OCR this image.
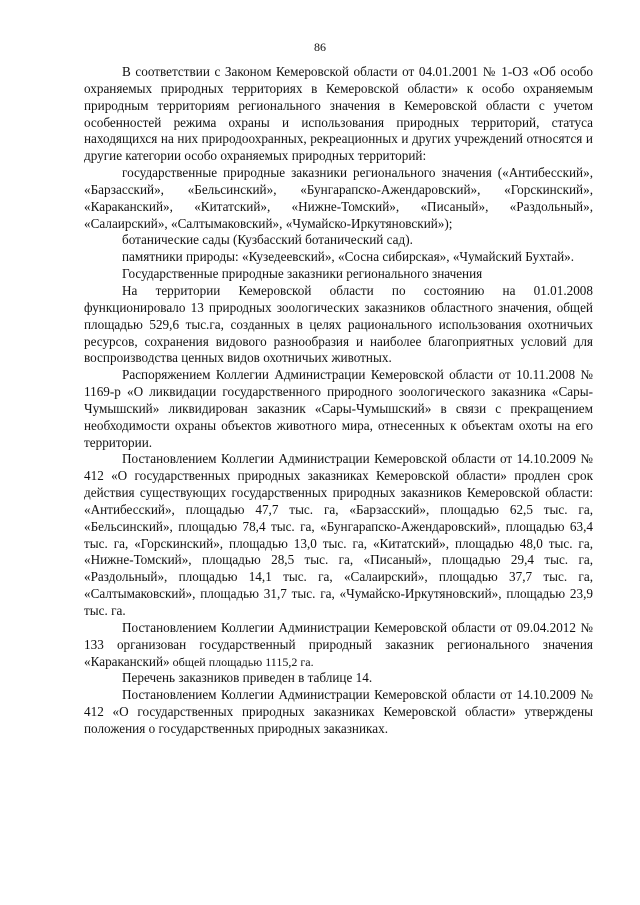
86

В соответствии с Законом Кемеровской области от 04.01.2001 № 1-ОЗ «Об особо охраняемых природных территориях в Кемеровской области» к особо охраняемым природным территориям регионального значения в Кемеровской области с учетом особенностей режима охраны и использования природных территорий, статуса находящихся на них природоохранных, рекреационных и других учреждений относятся и другие категории особо охраняемых природных территорий:

государственные природные заказники регионального значения («Антибесский», «Барзасский», «Бельсинский», «Бунгарапско-Ажендаровский», «Горскинский», «Караканский», «Китатский», «Нижне-Томский», «Писаный», «Раздольный», «Салаирский», «Салтымаковский», «Чумайско-Иркутяновский»);

ботанические сады (Кузбасский ботанический сад).

памятники природы: «Кузедеевский», «Сосна сибирская», «Чумайский Бухтай».

Государственные природные заказники регионального значения

На территории Кемеровской области по состоянию на 01.01.2008 функционировало 13 природных зоологических заказников областного значения, общей площадью 529,6 тыс.га, созданных в целях рационального использования охотничьих ресурсов, сохранения видового разнообразия и наиболее благоприятных условий для воспроизводства ценных видов охотничьих животных.

Распоряжением Коллегии Администрации Кемеровской области от 10.11.2008 № 1169-р «О ликвидации государственного природного зоологического заказника «Сары-Чумышский» ликвидирован заказник «Сары-Чумышский» в связи с прекращением необходимости охраны объектов животного мира, отнесенных к объектам охоты на его территории.

Постановлением Коллегии Администрации Кемеровской области от 14.10.2009 № 412 «О государственных природных заказниках Кемеровской области» продлен срок действия существующих государственных природных заказников Кемеровской области: «Антибесский», площадью 47,7 тыс. га, «Барзасский», площадью 62,5 тыс. га, «Бельсинский», площадью 78,4 тыс. га, «Бунгарапско-Ажендаровский», площадью 63,4 тыс. га, «Горскинский», площадью 13,0 тыс. га, «Китатский», площадью 48,0 тыс. га, «Нижне-Томский», площадью 28,5 тыс. га, «Писаный», площадью 29,4 тыс. га, «Раздольный», площадью 14,1 тыс. га, «Салаирский», площадью 37,7 тыс. га, «Салтымаковский», площадью 31,7 тыс. га, «Чумайско-Иркутяновский», площадью 23,9 тыс. га.

Постановлением Коллегии Администрации Кемеровской области от 09.04.2012 № 133 организован государственный природный заказник регионального значения «Караканский» общей площадью 1115,2 га.

Перечень заказников приведен в таблице 14.

Постановлением Коллегии Администрации Кемеровской области от 14.10.2009 № 412 «О государственных природных заказниках Кемеровской области» утверждены положения о государственных природных заказниках.
